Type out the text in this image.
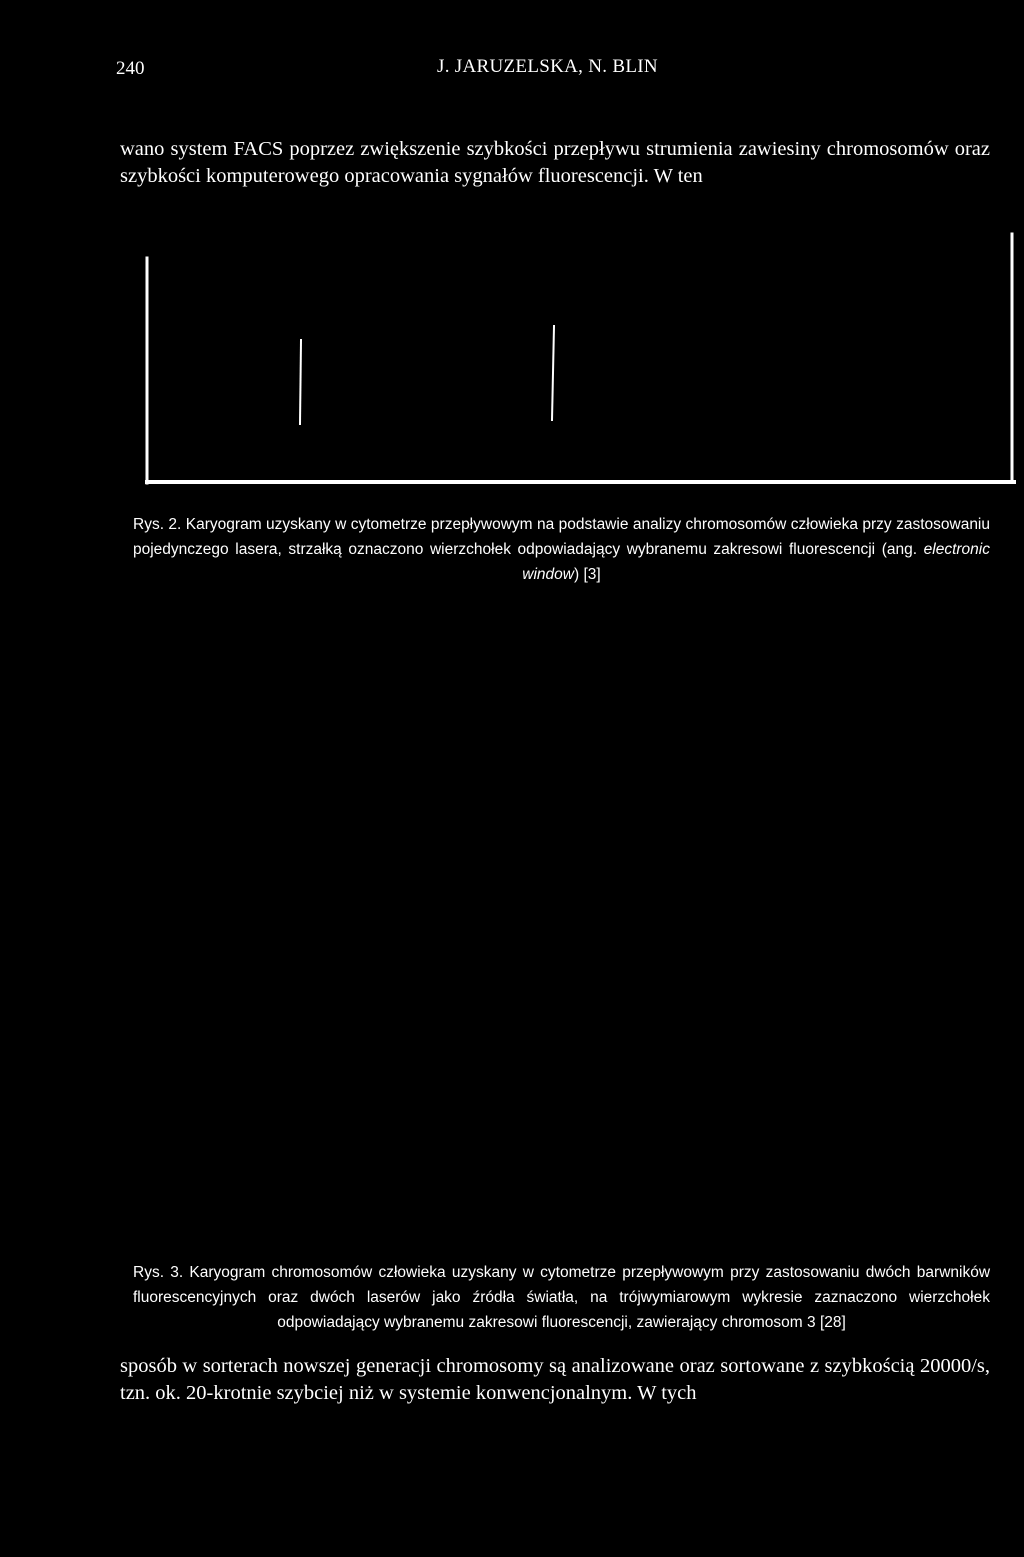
240	J. JARUZELSKA, N. BLIN
wano system FACS poprzez zwiększenie szybkości przepływu strumienia zawiesiny chromosomów oraz szybkości komputerowego opracowania sygnałów fluorescencji. W ten
Rys. 2. Karyogram uzyskany w cytometrze przepływowym na podstawie analizy chromosomów człowieka przy zastosowaniu pojedynczego lasera, strzałką oznaczono wierzchołek odpowiadający wybranemu zakresowi fluorescencji (ang. electronic window) [3]
Rys. 3. Karyogram chromosomów człowieka uzyskany w cytometrze przepływowym przy zastosowaniu dwóch barwników fluorescencyjnych oraz dwóch laserów jako źródła światła, na trójwymiarowym wykresie zaznaczono wierzchołek odpowiadający wybranemu zakresowi fluorescencji, zawierający chromosom 3 [28]
sposób w sorterach nowszej generacji chromosomy są analizowane oraz sortowane z szybkością 20000/s, tzn. ok. 20-krotnie szybciej niż w systemie konwencjonalnym. W tych
